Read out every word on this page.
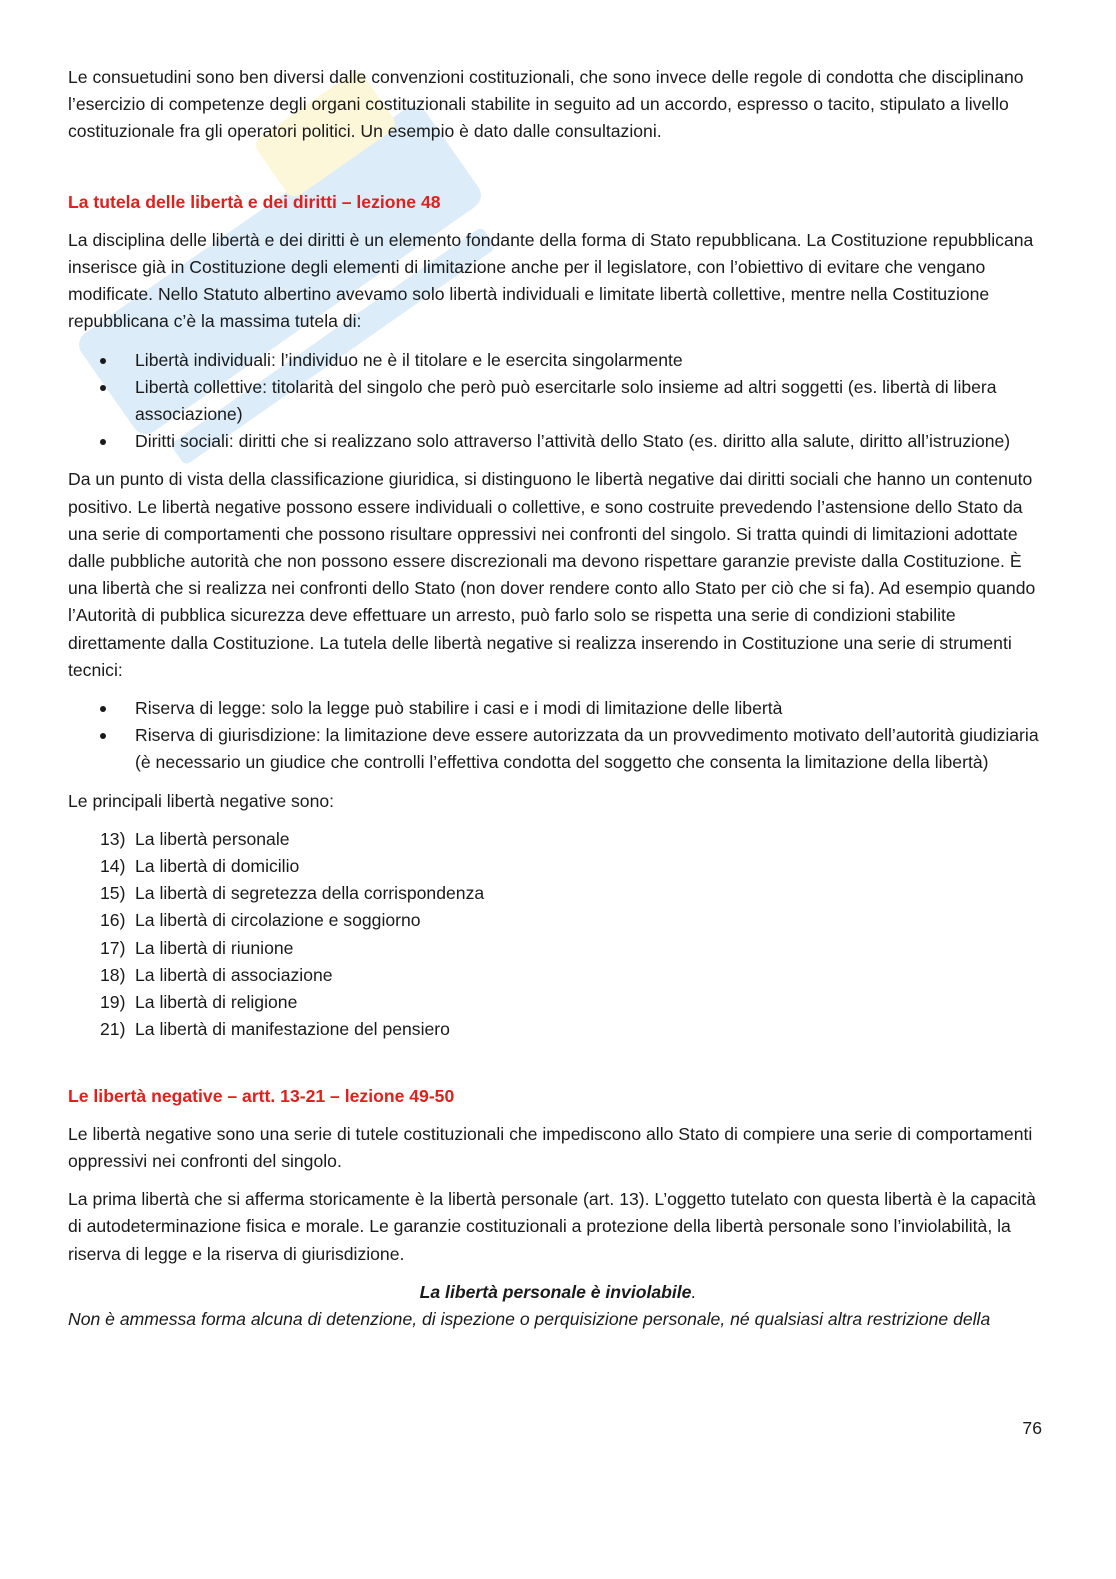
Le consuetudini sono ben diversi dalle convenzioni costituzionali, che sono invece delle regole di condotta che disciplinano l’esercizio di competenze degli organi costituzionali stabilite in seguito ad un accordo, espresso o tacito, stipulato a livello costituzionale fra gli operatori politici. Un esempio è dato dalle consultazioni.

La tutela delle libertà e dei diritti – lezione 48

La disciplina delle libertà e dei diritti è un elemento fondante della forma di Stato repubblicana. La Costituzione repubblicana inserisce già in Costituzione degli elementi di limitazione anche per il legislatore, con l’obiettivo di evitare che vengano modificate. Nello Statuto albertino avevamo solo libertà individuali e limitate libertà collettive, mentre nella Costituzione repubblicana c’è la massima tutela di:

Libertà individuali: l’individuo ne è il titolare e le esercita singolarmente
Libertà collettive: titolarità del singolo che però può esercitarle solo insieme ad altri soggetti (es. libertà di libera associazione)
Diritti sociali: diritti che si realizzano solo attraverso l’attività dello Stato (es. diritto alla salute, diritto all’istruzione)

Da un punto di vista della classificazione giuridica, si distinguono le libertà negative dai diritti sociali che hanno un contenuto positivo. Le libertà negative possono essere individuali o collettive, e sono costruite prevedendo l’astensione dello Stato da una serie di comportamenti che possono risultare oppressivi nei confronti del singolo. Si tratta quindi di limitazioni adottate dalle pubbliche autorità che non possono essere discrezionali ma devono rispettare garanzie previste dalla Costituzione. È una libertà che si realizza nei confronti dello Stato (non dover rendere conto allo Stato per ciò che si fa). Ad esempio quando l’Autorità di pubblica sicurezza deve effettuare un arresto, può farlo solo se rispetta una serie di condizioni stabilite direttamente dalla Costituzione. La tutela delle libertà negative si realizza inserendo in Costituzione una serie di strumenti tecnici:

Riserva di legge: solo la legge può stabilire i casi e i modi di limitazione delle libertà
Riserva di giurisdizione: la limitazione deve essere autorizzata da un provvedimento motivato dell’autorità giudiziaria (è necessario un giudice che controlli l’effettiva condotta del soggetto che consenta la limitazione della libertà)

Le principali libertà negative sono:

13) La libertà personale
14) La libertà di domicilio
15) La libertà di segretezza della corrispondenza
16) La libertà di circolazione e soggiorno
17) La libertà di riunione
18) La libertà di associazione
19) La libertà di religione
21) La libertà di manifestazione del pensiero

Le libertà negative – artt. 13-21 – lezione 49-50

Le libertà negative sono una serie di tutele costituzionali che impediscono allo Stato di compiere una serie di comportamenti oppressivi nei confronti del singolo.

La prima libertà che si afferma storicamente è la libertà personale (art. 13). L’oggetto tutelato con questa libertà è la capacità di autodeterminazione fisica e morale. Le garanzie costituzionali a protezione della libertà personale sono l’inviolabilità, la riserva di legge e la riserva di giurisdizione.

La libertà personale è inviolabile.

Non è ammessa forma alcuna di detenzione, di ispezione o perquisizione personale, né qualsiasi altra restrizione della

76
